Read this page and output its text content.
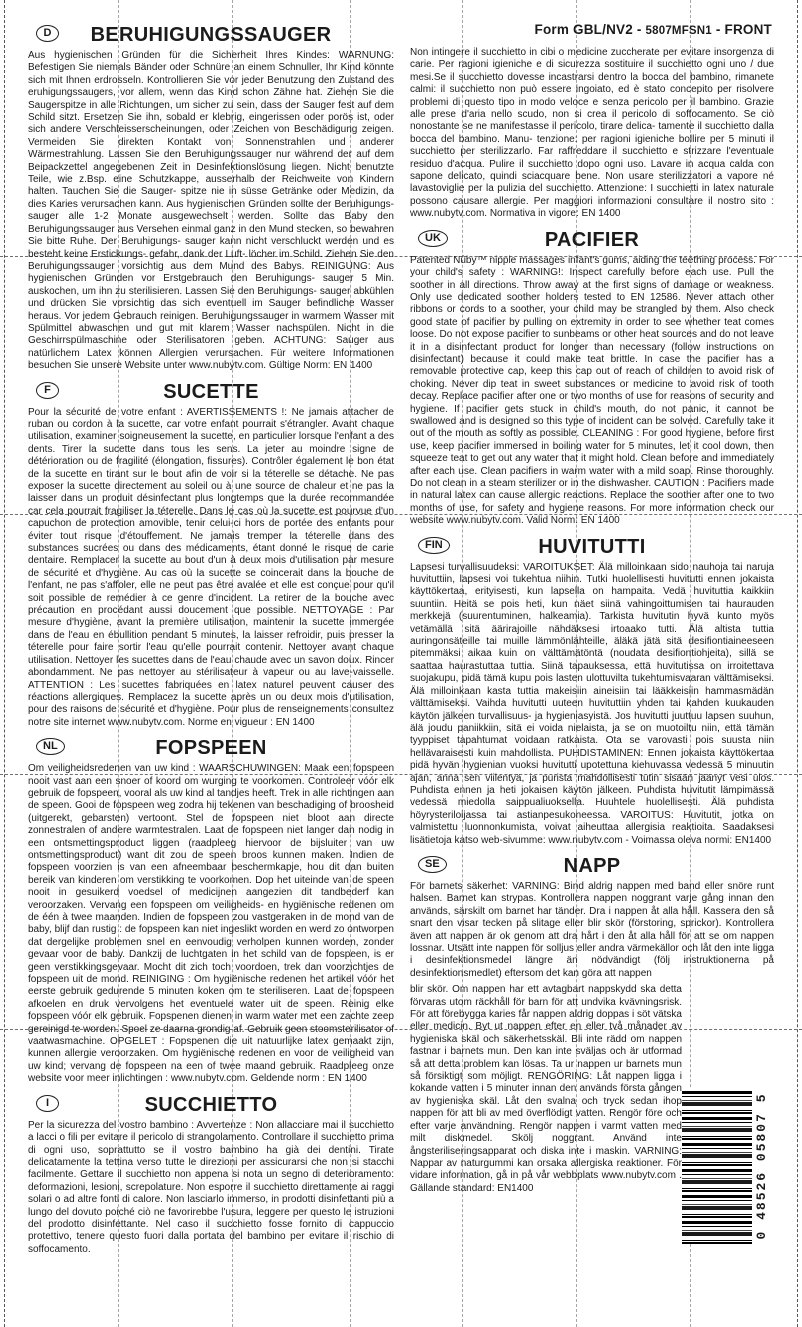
D	BERUHIGUNGSSAUGER

Aus hygienischen Gründen für die Sicherheit Ihres Kindes: WARNUNG: Befestigen Sie niemals Bänder oder Schnüre an einem Schnuller, Ihr Kind könnte sich mit Ihnen erdrosseln. Kontrollieren Sie vor jeder Benutzung den Zustand des eruhigungssaugers, vor allem, wenn das Kind schon Zähne hat. Ziehen Sie die Saugerspitze in alle Richtungen, um sicher zu sein, dass der Sauger fest auf dem Schild sitzt. Ersetzen Sie ihn, sobald er klebrig, eingerissen oder porös ist, oder sich andere Verschleisserscheinungen, oder Zeichen von Beschädigung zeigen. Vermeiden Sie direkten Kontakt von Sonnenstrahlen und anderer Wärmestrahlung. Lassen Sie den Beruhigungssauger nur während der auf dem Beipackzettel angegebenen Zeit in Desinfektionslösung liegen. Nicht benutzte Teile, wie z.Bsp. eine Schutzkappe, ausserhalb der Reichweite von Kindern halten. Tauchen Sie die Sauger- spitze nie in süsse Getränke oder Medizin, da dies Karies verursachen kann. Aus hygienischen Gründen sollte der Beruhigungs- sauger alle 1-2 Monate ausgewechselt werden. Sollte das Baby den Beruhigungssauger aus Versehen einmal ganz in den Mund stecken, so bewahren Sie bitte Ruhe. Der Beruhigungs- sauger kann nicht verschluckt werden und es besteht keine Erstickungs- gefahr, dank der Luft- löcher im Schild. Ziehen Sie den Beruhigungssauger vorsichtig aus dem Mund des Babys. REINIGUNG: Aus hygienischen Gründen vor Erstgebrauch den Beruhigungs- sauger 5 Min. auskochen, um ihn zu sterilisieren. Lassen Sie den Beruhigungs- sauger abkühlen und drücken Sie vorsichtig das sich eventuell im Sauger befindliche Wasser heraus. Vor jedem Gebrauch reinigen. Beruhigungssauger in warmem Wasser mit Spülmittel abwaschen und gut mit klarem Wasser nachspülen. Nicht in die Geschirrspülmaschine oder Sterilisatoren geben. ACHTUNG: Sauger aus natürlichem Latex können Allergien verursachen. Für weitere Informationen besuchen Sie unsere Website unter www.nubytv.com. Gültige Norm: EN 1400

F	SUCETTE

Pour la sécurité de votre enfant : AVERTISSEMENTS !: Ne jamais attacher de ruban ou cordon à la sucette, car votre enfant pourrait s'étrangler. Avant chaque utilisation, examiner soigneusement la sucette, en particulier lorsque l'enfant a des dents. Tirer la sucette dans tous les sens. La jeter au moindre signe de détérioration ou de fragilité (élongation, fissures). Contrôler également le bon état de la sucette en tirant sur le bout afin de voir si la téterelle se détache. Ne pas exposer la sucette directement au soleil ou à une source de chaleur et ne pas la laisser dans un produit désinfectant plus longtemps que la durée recommandée car cela pourrait fragiliser la téterelle. Dans le cas où la sucette est pourvue d'un capuchon de protection amovible, tenir celui-ci hors de portée des enfants pour éviter tout risque d'étouffement. Ne jamais tremper la téterelle dans des substances sucrées ou dans des médicaments, étant donné le risque de carie dentaire. Remplacer la sucette au bout d'un à deux mois d'utilisation par mesure de sécurité et d'hygiène. Au cas où la sucette se coincerait dans la bouche de l'enfant, ne pas s'affoler, elle ne peut pas être avalée et elle est conçue pour qu'il soit possible de remédier à ce genre d'incident. La retirer de la bouche avec précaution en procédant aussi doucement que possible. NETTOYAGE : Par mesure d'hygiène, avant la première utilisation, maintenir la sucette immergée dans de l'eau en ébullition pendant 5 minutes, la laisser refroidir, puis presser la téterelle pour faire sortir l'eau qu'elle pourrait contenir. Nettoyer avant chaque utilisation. Nettoyer les sucettes dans de l'eau chaude avec un savon doux. Rincer abondamment. Ne pas nettoyer au stérilisateur à vapeur ou au lave-vaisselle. ATTENTION : Les sucettes fabriquées en latex naturel peuvent causer des réactions allergiques. Remplacez la sucette après un ou deux mois d'utilisation, pour des raisons de sécurité et d'hygiène. Pour plus de renseignements consultez notre site internet www.nubytv.com. Norme en vigueur : EN 1400

NL	FOPSPEEN

Om veiligheidsredenen van uw kind : WAARSCHUWINGEN: Maak een fopspeen nooit vast aan een snoer of koord om wurging te voorkomen. Controleer vóór elk gebruik de fopspeen, vooral als uw kind al tandjes heeft. Trek in alle richtingen aan de speen. Gooi de fopspeen weg zodra hij tekenen van beschadiging of broosheid (uitgerekt, gebarsten) vertoont. Stel de fopspeen niet bloot aan directe zonnestralen of andere warmtestralen. Laat de fopspeen niet langer dan nodig in een ontsmettingsproduct liggen (raadpleeg hiervoor de bijsluiter van uw ontsmettingsproduct) want dit zou de speen broos kunnen maken. Indien de fopspeen voorzien is van een afneembaar beschermkapje, hou dit dan buiten bereik van kinderen om verstikking te voorkomen. Dop het uiteinde van de speen nooit in gesuikerd voedsel of medicijnen aangezien dit tandbederf kan veroorzaken. Vervang een fopspeen om veiligheids- en hygiënische redenen om de één à twee maanden. Indien de fopspeen zou vastgeraken in de mond van de baby, blijf dan rustig : de fopspeen kan niet ingeslikt worden en werd zo ontworpen dat dergelijke problemen snel en eenvoudig verholpen kunnen worden, zonder gevaar voor de baby. Dankzij de luchtgaten in het schild van de fopspeen, is er geen verstikkingsgevaar. Mocht dit zich toch voordoen, trek dan voorzichtjes de fopspeen uit de mond. REINIGING : Om hygiënische redenen het artikel vóór het eerste gebruik gedurende 5 minuten koken om te steriliseren. Laat de fopspeen afkoelen en druk vervolgens het eventuele water uit de speen. Reinig elke fopspeen vóór elk gebruik. Fopspenen dienen in warm water met een zachte zeep gereinigd te worden. Spoel ze daarna grondig af. Gebruik geen stoomsterilisator of vaatwasmachine. OPGELET : Fopspenen die uit natuurlijke latex gemaakt zijn, kunnen allergie veroorzaken. Om hygiënische redenen en voor de veiligheid van uw kind; vervang de fopspeen na een of twee maand gebruik. Raadpleeg onze website voor meer inlichtingen : www.nubytv.com. Geldende norm : EN 1400

I	SUCCHIETTO

Per la sicurezza del vostro bambino : Avvertenze : Non allacciare mai il succhietto a lacci o fili per evitare il pericolo di strangolamento. Controllare il succhietto prima di ogni uso, soprattutto se il vostro bambino ha già dei dentini. Tirate delicatamente la tettina verso tutte le direzioni per assicurarsi che non si stacchi facilmente. Gettare il succhietto non appena si nota un segno di deterioramento: deformazioni, lesioni, screpolature. Non esporre il succhietto direttamente ai raggi solari o ad altre fonti di calore. Non lasciarlo immerso, in prodotti disinfettanti più a lungo del dovuto poiché ciò ne favorirebbe l'usura, leggere per questo le istruzioni del prodotto disinfettante. Nel caso il succhietto fosse fornito di cappuccio protettivo, tenere questo fuori dalla portata del bambino per evitare il rischio di soffocamento.

Form GBL/NV2 - 5807MFSN1 - FRONT

Non intingere il succhietto in cibi o medicine zuccherate per evitare insorgenza di carie. Per ragioni igieniche e di sicurezza sostituire il succhietto ogni uno / due mesi.Se il succhietto dovesse incastrarsi dentro la bocca del bambino, rimanete calmi: il succhietto non può essere ingoiato, ed è stato concepito per risolvere problemi di questo tipo in modo veloce e senza pericolo per il bambino. Grazie alle prese d'aria nello scudo, non si crea il pericolo di soffocamento. Se ciò nonostante se ne manifestasse il pericolo, tirare delica- tamente il succhietto dalla bocca del bambino. Manu- tenzione: per ragioni igieniche bollire per 5 minuti il succhietto per sterilizzarlo. Far raffreddare il succhietto e strizzare l'eventuale residuo d'acqua. Pulire il succhietto dopo ogni uso. Lavare in acqua calda con sapone delicato, quindi sciacquare bene. Non usare sterilizzatori a vapore né lavastoviglie per la pulizia del succhietto. Attenzione: I succhietti in latex naturale possono causare allergie. Per maggiori informazioni consultare il nostro sito : www.nubytv.com. Normativa in vigore: EN 1400

UK	PACIFIER

Patented Nûby™ nipple massages infant's gums, aiding the teething process. For your child's safety : WARNING!: Inspect carefully before each use. Pull the soother in all directions. Throw away at the first signs of damage or weakness. Only use dedicated soother holders tested to EN 12586. Never attach other ribbons or cords to a soother, your child may be strangled by them. Also check good state of pacifier by pulling on extremity in order to see whether teat comes loose. Do not expose pacifier to sunbeams or other heat sources and do not leave it in a disinfectant product for longer than necessary (follow instructions on disinfectant) because it could make teat brittle. In case the pacifier has a removable protective cap, keep this cap out of reach of children to avoid risk of choking. Never dip teat in sweet substances or medicine to avoid risk of tooth decay. Replace pacifier after one or two months of use for reasons of security and hygiene. If pacifier gets stuck in child's mouth, do not panic, it cannot be swallowed and is designed so this type of incident can be solved. Carefully take it out of the mouth as softly as possible. CLEANING : For good hygiene, before first use, keep pacifier immersed in boiling water for 5 minutes, let it cool down, then squeeze teat to get out any water that it might hold. Clean before and immediately after each use. Clean pacifiers in warm water with a mild soap. Rinse thoroughly. Do not clean in a steam sterilizer or in the dishwasher. CAUTION : Pacifiers made in natural latex can cause allergic reactions. Replace the soother after one to two months of use, for safety and hygiene reasons. For more information check our website www.nubytv.com. Valid Norm: EN 1400

FIN	HUVITUTTI

Lapsesi turvallisuudeksi: VAROITUKSET: Älä milloinkaan sido nauhoja tai naruja huvituttiin, lapsesi voi tukehtua niihin. Tutki huolellisesti huvitutti ennen jokaista käyttökertaa, erityisesti, kun lapsella on hampaita. Vedä huvituttia kaikkiin suuntiin. Heitä se pois heti, kun näet siinä vahingoittumisen tai haurauden merkkejä (suurentuminen, halkeamia). Tarkista huvitutin hyvä kunto myös vetämällä sitä äärirajoille nähdäksesi irtoaako tutti. Älä altista tuttia auringonsäteille tai muille lämmönlähteille, äläkä jätä sitä desifiontiaineeseen pitemmäksi aikaa kuin on välttämätöntä (noudata desifiontiohjeita), sillä se saattaa haurastuttaa tuttia. Siinä tapauksessa, että huvitutissa on irroitettava suojakupu, pidä tämä kupu pois lasten ulottuvilta tukehtumisvaaran välttämiseksi. Älä milloinkaan kasta tuttia makeisiin aineisiin tai lääkkeisiin hammasmädän välttämiseksi. Vaihda huvitutti uuteen huvituttiin yhden tai kahden kuukauden käytön jälkeen turvallisuus- ja hygieniasyistä. Jos huvitutti juuttuu lapsen suuhun, älä joudu paniikkiin, sitä ei voida nielaista, ja se on muotoiltu niin, että tämän tyyppiset tapahtumat voidaan ratkaista. Ota se varovasti pois suusta niin hellävaraisesti kuin mahdollista. PUHDISTAMINEN: Ennen jokaista käyttökertaa pidä hyvän hygienian vuoksi huvitutti upotettuna kiehuvassa vedessä 5 minuutin ajan, anna sen viilentyä, ja purista mahdollisesti tutin sisään jäänyt vesi ulos. Puhdista ennen ja heti jokaisen käytön jälkeen. Puhdista huvitutit lämpimässä vedessä miedolla saippualiuoksella. Huuhtele huolellisesti. Älä puhdista höyrysteriloijassa tai astianpesukoneessa. VAROITUS: Huvitutit, jotka on valmistettu luonnonkumista, voivat aiheuttaa allergisia reaktioita. Saadaksesi lisätietoja katso web-sivumme: www.nubytv.com - Voimassa oleva normi: EN1400

SE	NAPP

För barnets säkerhet: VARNING: Bind aldrig nappen med band eller snöre runt halsen. Barnet kan strypas. Kontrollera nappen noggrant varje gång innan den används, särskilt om barnet har tänder. Dra i nappen åt alla håll. Kassera den så snart den visar tecken på slitage eller blir skör (förstoring, sprickor). Kontrollera även att nappen är ok genom att dra hårt i den åt alla håll för att se om nappen lossnar. Utsätt inte nappen för solljus eller andra värmekällor och låt den inte ligga i desinfektionsmedel längre än nödvändigt (följ instruktionerna på desinfektionsmedlet) eftersom det kan göra att nappen

blir skör. Om nappen har ett avtagbart nappskydd ska detta förvaras utom räckhåll för barn för att undvika kvävningsrisk. För att förebygga karies får nappen aldrig doppas i söt vätska eller medicin. Byt ut nappen efter en eller två månader av hygieniska skäl och säkerhetsskäl. Bli inte rädd om nappen fastnar i barnets mun. Den kan inte sväljas och är utformad så att detta problem kan lösas. Ta ur nappen ur barnets mun så försiktigt som möjligt. RENGÖRING: Låt nappen ligga i kokande vatten i 5 minuter innan den används första gången av hygieniska skäl. Låt den svalna och tryck sedan ihop nappen för att bli av med överflödigt vatten. Rengör före och efter varje användning. Rengör nappen i varmt vatten med milt diskmedel. Skölj noggrant. Använd inte ångsteriliseringsapparat och diska inte i maskin. VARNING: Nappar av naturgummi kan orsaka allergiska reaktioner. För vidare information, gå in på vår webbplats www.nubytv.com . Gällande standard: EN1400	0 48526 05807 5
